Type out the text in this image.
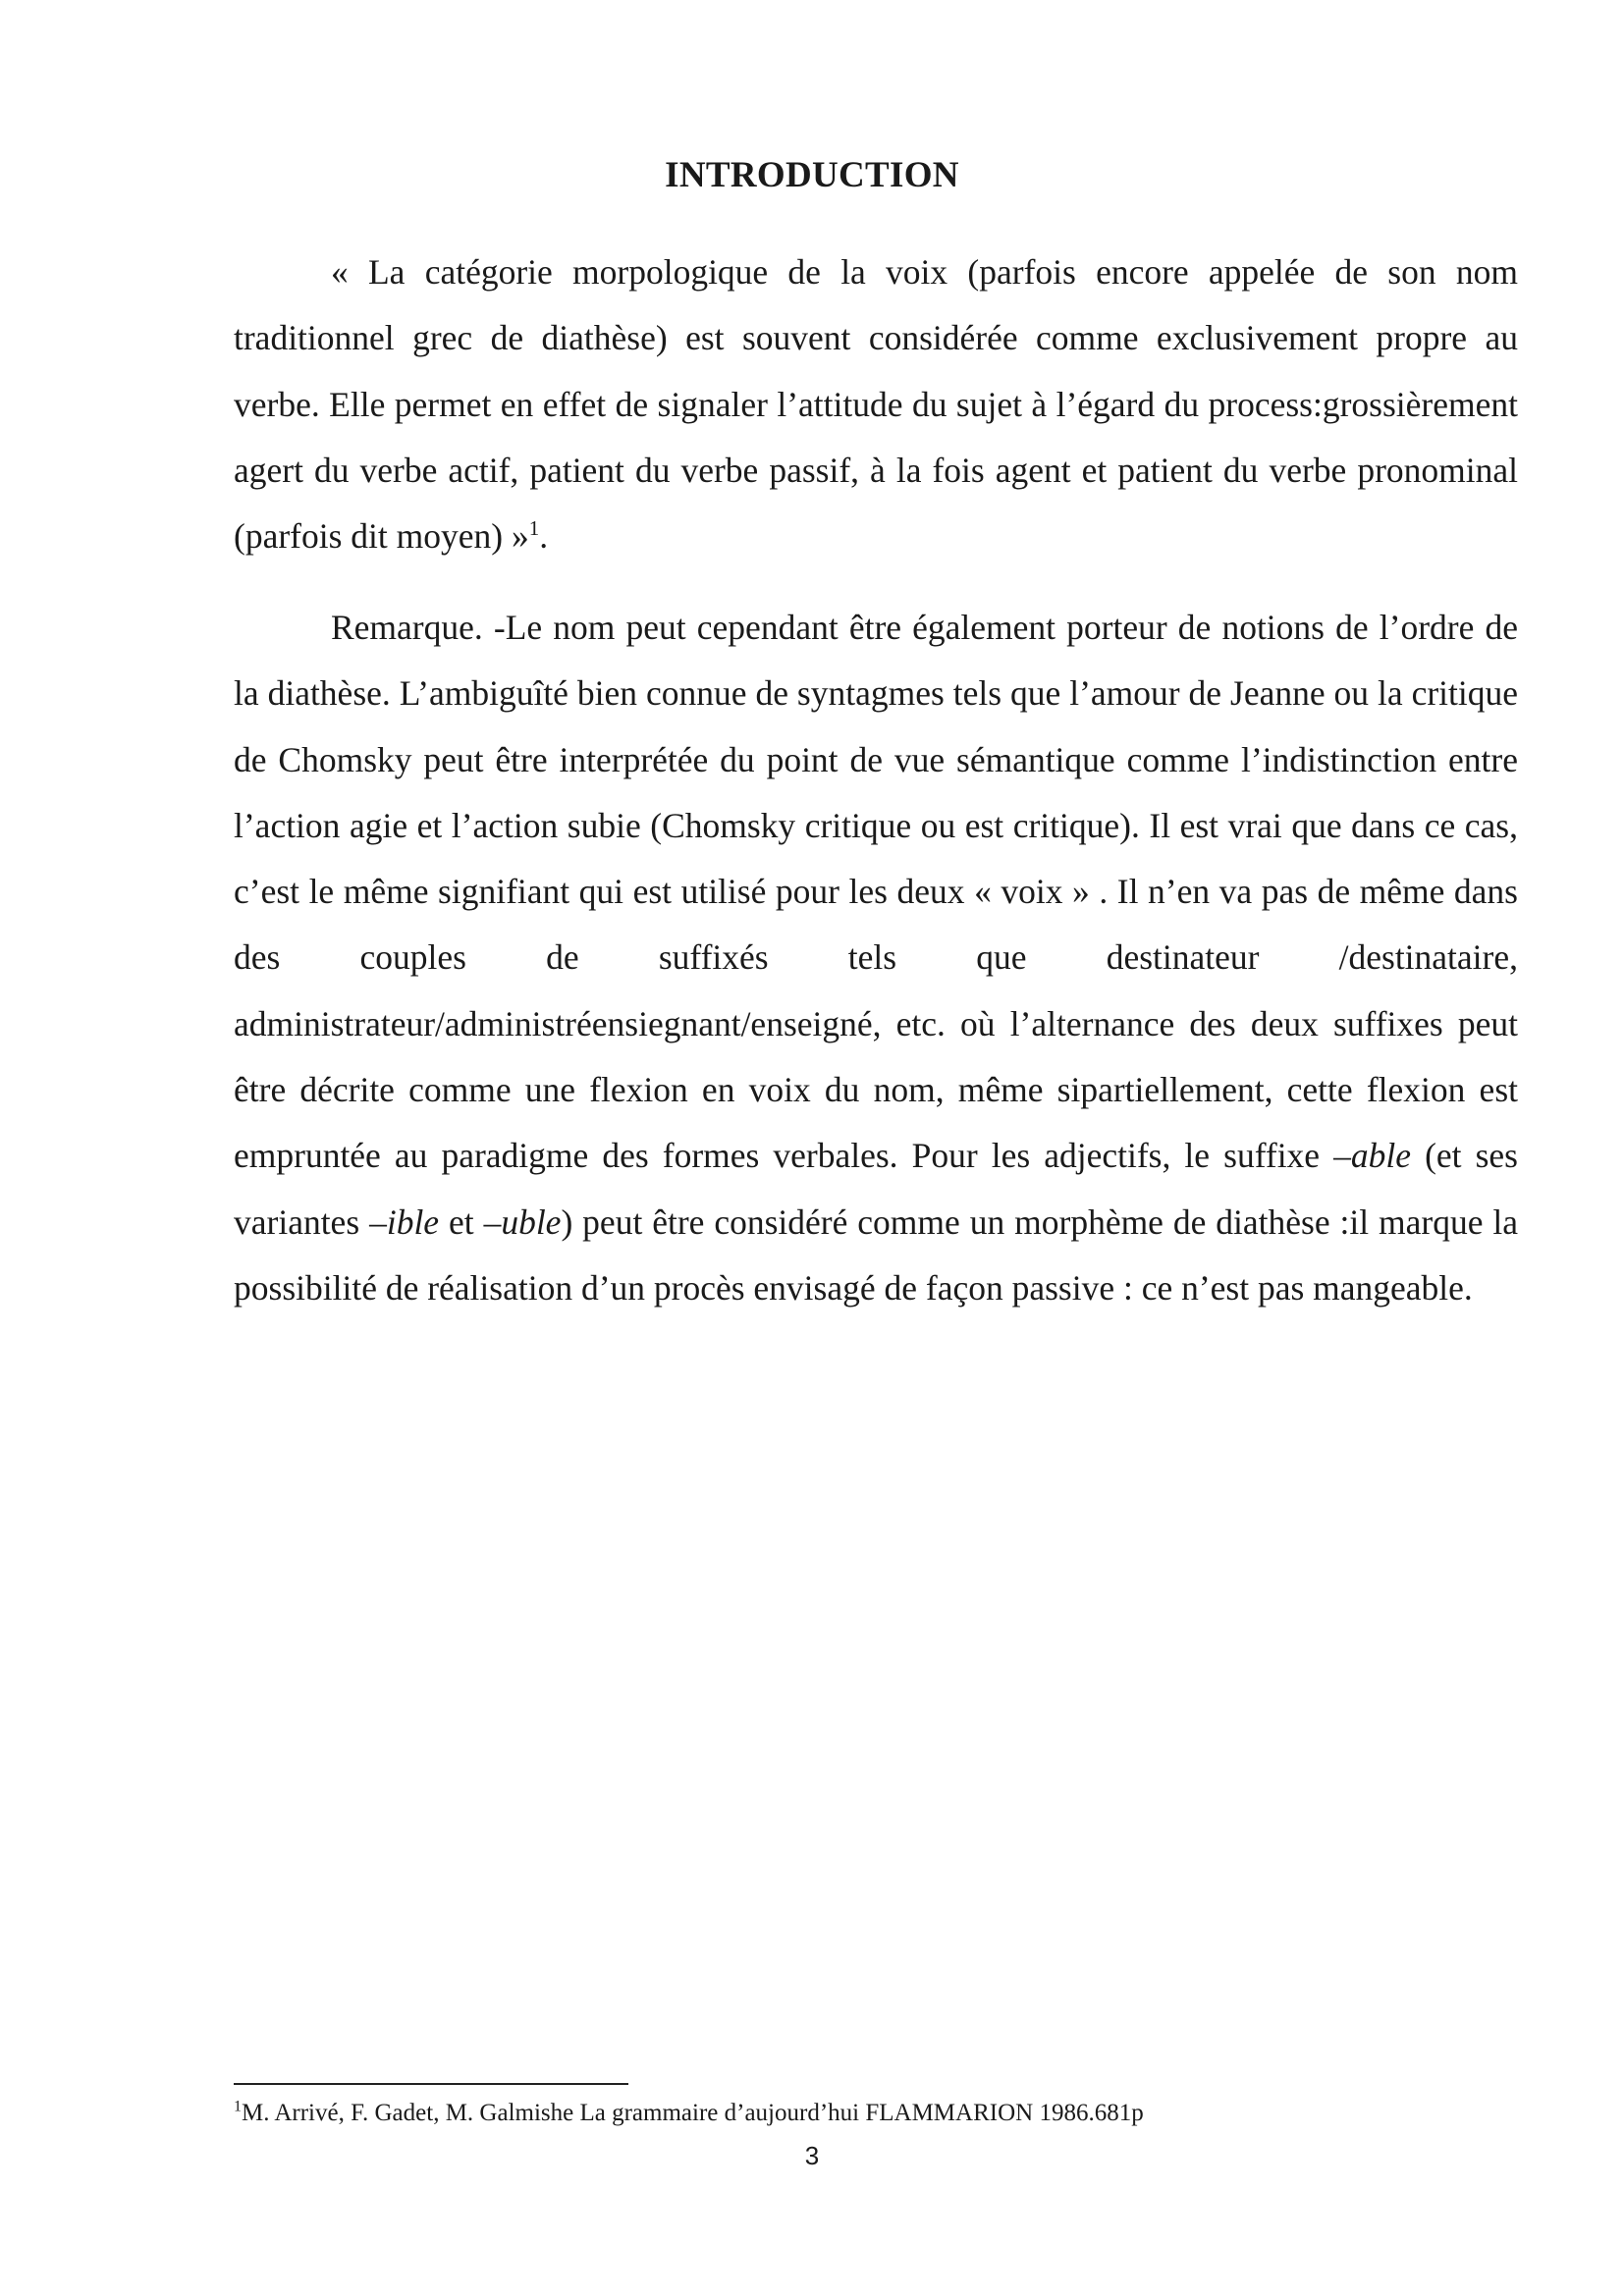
INTRODUCTION

« La catégorie morpologique de la voix (parfois encore appelée de son nom traditionnel grec de diathèse) est souvent considérée comme exclusivement propre au verbe. Elle permet en effet de signaler l’attitude du sujet à l’égard du process:grossièrement agert du verbe actif, patient du verbe passif, à la fois agent et patient du verbe pronominal (parfois dit moyen) »$^1$.

Remarque. -Le nom peut cependant être également porteur de notions de l’ordre de la diathèse. L’ambiguîté bien connue de syntagmes tels que l’amour de Jeanne ou la critique de Chomsky peut être interprétée du point de vue sémantique comme l’indistinction entre l’action agie et l’action subie (Chomsky critique ou est critique). Il est vrai que dans ce cas, c’est le même signifiant qui est utilisé pour les deux « voix » . Il n’en va pas de même dans des couples de suffixés tels que destinateur /destinataire, administrateur/administréensiegnant/enseigné, etc. où l’alternance des deux suffixes peut être décrite comme une flexion en voix du nom, même sipartiellement, cette flexion est empruntée au paradigme des formes verbales. Pour les adjectifs, le suffixe –able (et ses variantes –ible et –uble) peut être considéré comme un morphème de diathèse :il marque la possibilité de réalisation d’un procès envisagé de façon passive : ce n’est pas mangeable.

$^1$M. Arrivé, F. Gadet, M. Galmishe La grammaire d’aujourd’hui FLAMMARION 1986.681p
3
